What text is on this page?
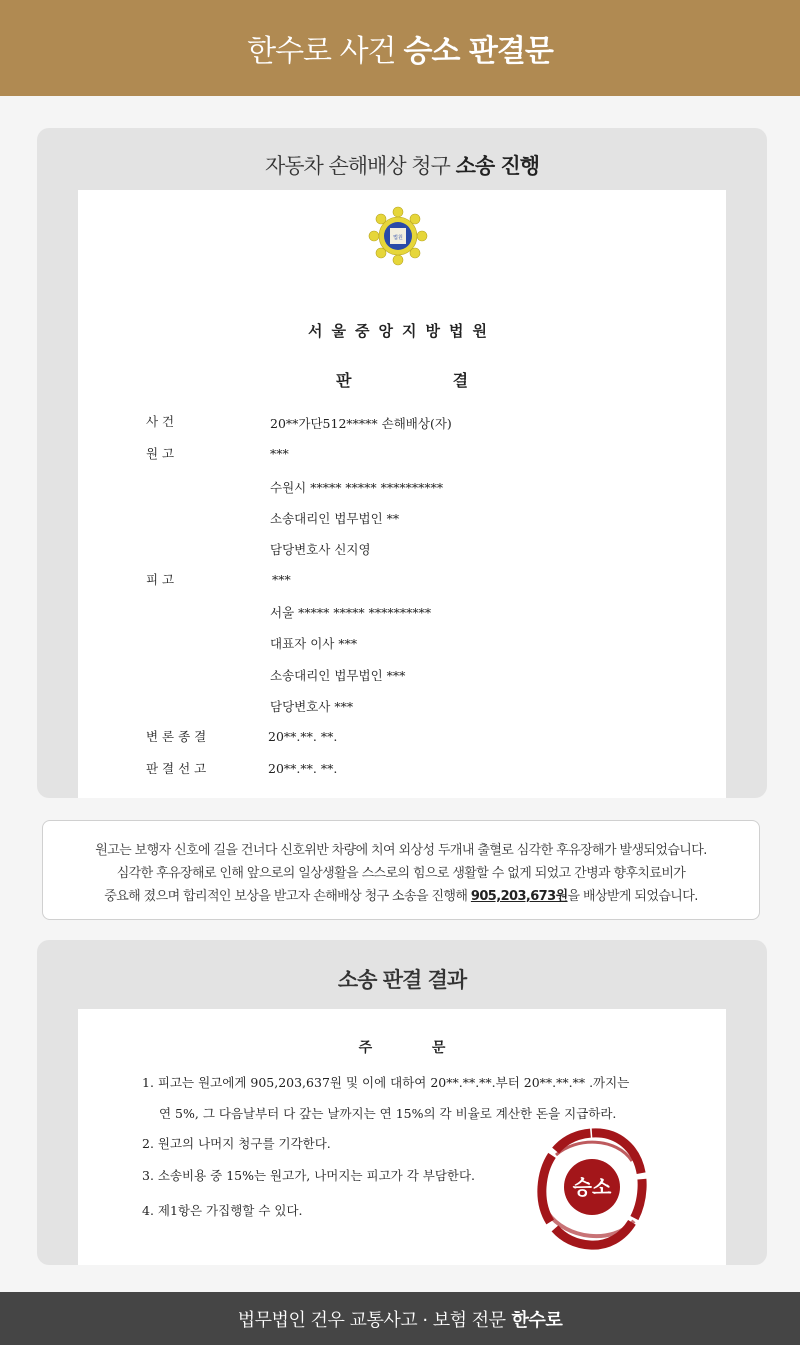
한수로 사건 승소 판결문
자동차 손해배상 청구 소송 진행
법원
서울중앙지방법원
판	결
사 건	20**가단512***** 손해배상(자)
원 고	***
수원시 ***** ***** **********
소송대리인 법무법인 **
담당변호사 신지영
피 고	***
서울 ***** ***** **********
대표자 이사 ***
소송대리인 법무법인 ***
담당변호사 ***
변 론 종 결	20**.**. **.
판 결 선 고	20**.**. **.
원고는 보행자 신호에 길을 건너다 신호위반 차량에 치여 외상성 두개내 출혈로 심각한 후유장해가 발생되었습니다.
심각한 후유장해로 인해 앞으로의 일상생활을 스스로의 힘으로 생활할 수 없게 되었고 간병과 향후치료비가
중요해 졌으며 합리적인 보상을 받고자 손해배상 청구 소송을 진행해 905,203,673원을 배상받게 되었습니다.
소송 판결 결과
주	문
1. 피고는 원고에게 905,203,637원 및 이에 대하여 20**.**.**.부터 20**.**.** .까지는
연 5%, 그 다음날부터 다 갚는 날까지는 연 15%의 각 비율로 계산한 돈을 지급하라.
2. 원고의 나머지 청구를 기각한다.
3. 소송비용 중 15%는 원고가, 나머지는 피고가 각 부담한다.
4. 제1항은 가집행할 수 있다.
승소
법무법인 건우 교통사고 · 보험 전문 한수로
